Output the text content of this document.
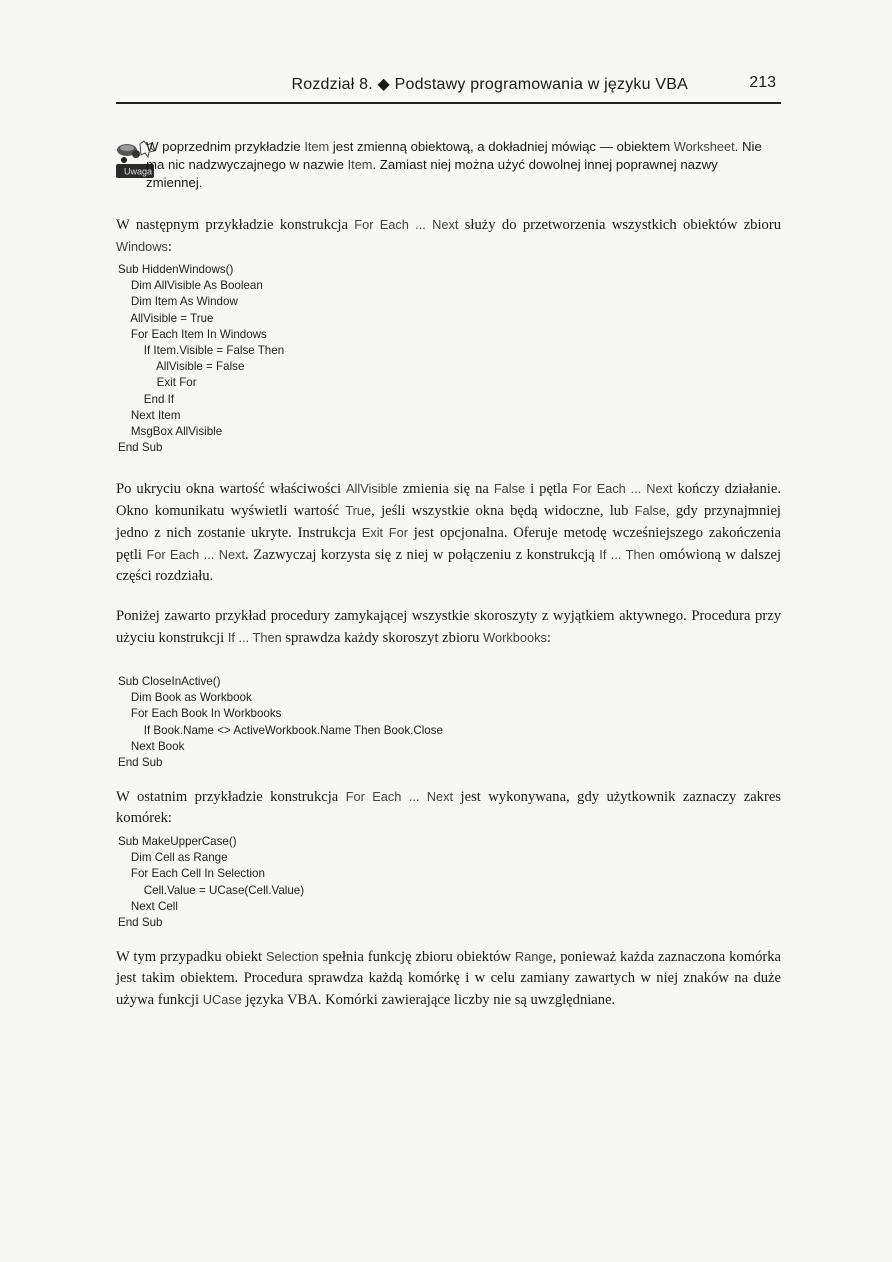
Rozdział 8. ◆ Podstawy programowania w języku VBA	213
Uwaga
W poprzednim przykładzie Item jest zmienną obiektową, a dokładniej mówiąc — obiektem Worksheet. Nie ma nic nadzwyczajnego w nazwie Item. Zamiast niej można użyć dowolnej innej poprawnej nazwy zmiennej.
W następnym przykładzie konstrukcja For Each ... Next służy do przetworzenia wszystkich obiektów zbioru Windows:
Sub HiddenWindows()
Dim AllVisible As Boolean
Dim Item As Window
AllVisible = True
For Each Item In Windows
If Item.Visible = False Then
AllVisible = False
Exit For
End If
Next Item
MsgBox AllVisible
End Sub
Po ukryciu okna wartość właściwości AllVisible zmienia się na False i pętla For Each ... Next kończy działanie. Okno komunikatu wyświetli wartość True, jeśli wszystkie okna będą widoczne, lub False, gdy przynajmniej jedno z nich zostanie ukryte. Instrukcja Exit For jest opcjonalna. Oferuje metodę wcześniejszego zakończenia pętli For Each ... Next. Zazwyczaj korzysta się z niej w połączeniu z konstrukcją If ... Then omówioną w dalszej części rozdziału.
Poniżej zawarto przykład procedury zamykającej wszystkie skoroszyty z wyjątkiem aktywnego. Procedura przy użyciu konstrukcji If ... Then sprawdza każdy skoroszyt zbioru Workbooks:
Sub CloseInActive()
Dim Book as Workbook
For Each Book In Workbooks
If Book.Name <> ActiveWorkbook.Name Then Book.Close
Next Book
End Sub
W ostatnim przykładzie konstrukcja For Each ... Next jest wykonywana, gdy użytkownik zaznaczy zakres komórek:
Sub MakeUpperCase()
Dim Cell as Range
For Each Cell In Selection
Cell.Value = UCase(Cell.Value)
Next Cell
End Sub
W tym przypadku obiekt Selection spełnia funkcję zbioru obiektów Range, ponieważ każda zaznaczona komórka jest takim obiektem. Procedura sprawdza każdą komórkę i w celu zamiany zawartych w niej znaków na duże używa funkcji UCase języka VBA. Komórki zawierające liczby nie są uwzględniane.
